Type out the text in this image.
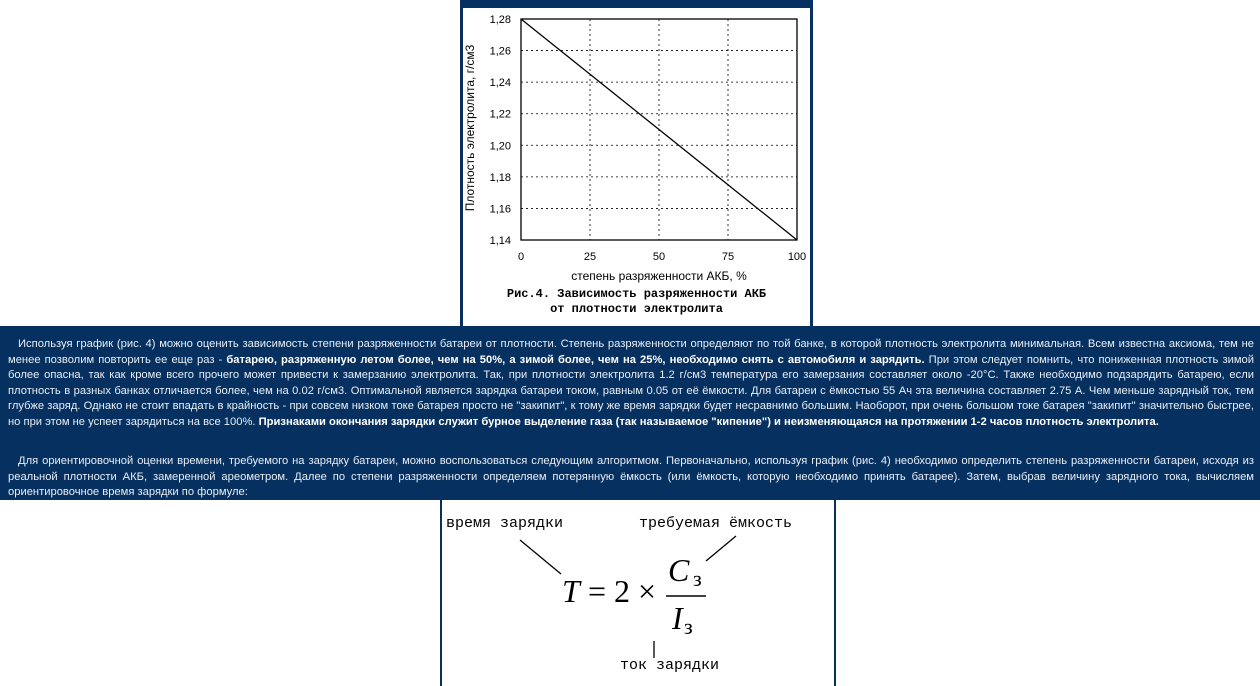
1,28
1,26
1,24
1,22
1,20
1,18
1,16
1,14
0	25	50	75	100
степень разряженности АКБ, %
Плотность электролита, г/см3
Рис.4. Зависимость разряженности АКБ
от плотности электролита

Используя график (рис. 4) можно оценить зависимость степени разряженности батареи от плотности. Степень разряженности определяют по той банке, в которой плотность электролита минимальная. Всем известна аксиома, тем не менее позволим повторить ее еще раз - батарею, разряженную летом более, чем на 50%, а зимой более, чем на 25%, необходимо снять с автомобиля и зарядить. При этом следует помнить, что пониженная плотность зимой более опасна, так как кроме всего прочего может привести к замерзанию электролита. Так, при плотности электролита 1.2 г/см3 температура его замерзания составляет около -20°C. Также необходимо подзарядить батарею, если плотность в разных банках отличается более, чем на 0.02 г/см3. Оптимальной является зарядка батареи током, равным 0.05 от её ёмкости. Для батареи с ёмкостью 55 Ач эта величина составляет 2.75 А. Чем меньше зарядный ток, тем глубже заряд. Однако не стоит впадать в крайность - при совсем низком токе батарея просто не "закипит", к тому же время зарядки будет несравнимо большим. Наоборот, при очень большом токе батарея "закипит" значительно быстрее, но при этом не успеет зарядиться на все 100%. Признаками окончания зарядки служит бурное выделение газа (так называемое "кипение") и неизменяющаяся на протяжении 1-2 часов плотность электролита.

Для ориентировочной оценки времени, требуемого на зарядку батареи, можно воспользоваться следующим алгоритмом. Первоначально, используя график (рис. 4) необходимо определить степень разряженности батареи, исходя из реальной плотности АКБ, замеренной ареометром. Далее по степени разряженности определяем потерянную ёмкость (или ёмкость, которую необходимо принять батарее). Затем, выбрав величину зарядного тока, вычисляем ориентировочное время зарядки по формуле:

время зарядки	требуемая ёмкость
ток зарядки
T = 2 ×
C з
I з
